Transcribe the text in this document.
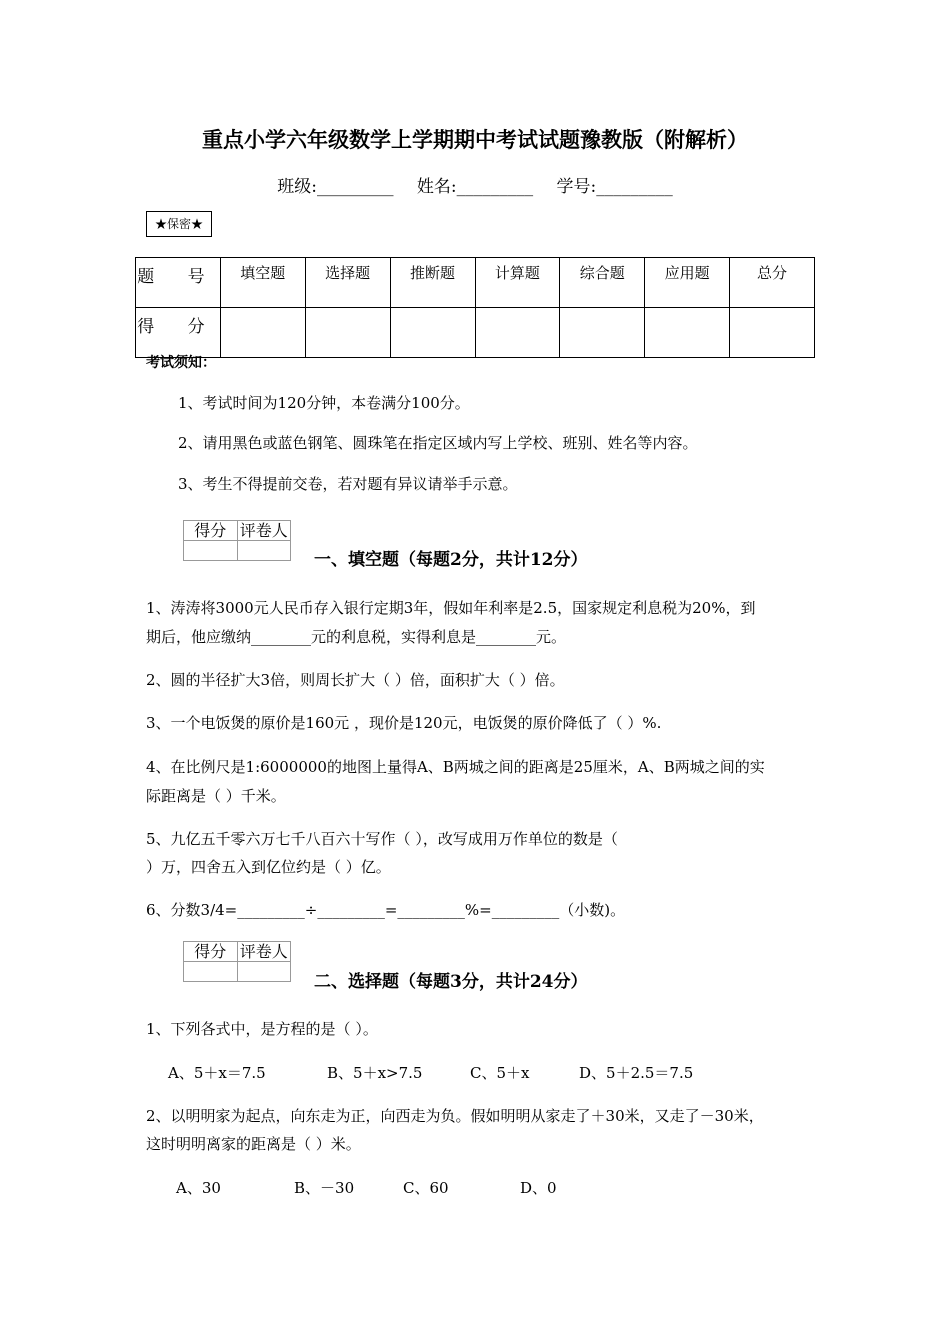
重点小学六年级数学上学期期中考试试题豫教版（附解析）
班级:_________ 姓名:_________ 学号:_________
★保密★
题 号	填空题	选择题	推断题	计算题	综合题	应用题	总分
得 分							
考试须知：
1、考试时间为120分钟，本卷满分100分。
2、请用黑色或蓝色钢笔、圆珠笔在指定区域内写上学校、班别、姓名等内容。
3、考生不得提前交卷，若对题有异议请举手示意。
得分	评卷人

一、填空题（每题2分，共计12分）
1、涛涛将3000元人民币存入银行定期3年，假如年利率是2.5，国家规定利息税为20%，到
期后，他应缴纳________元的利息税，实得利息是________元。
2、圆的半径扩大3倍，则周长扩大（ ）倍，面积扩大（ ）倍。
3、一个电饭煲的原价是160元 ，现价是120元，电饭煲的原价降低了（ ）%.
4、在比例尺是1:6000000的地图上量得A、B两城之间的距离是25厘米，A、B两城之间的实
际距离是（ ）千米。
5、九亿五千零六万七千八百六十写作（ ），改写成用万作单位的数是（
）万，四舍五入到亿位约是（ ）亿。
6、分数3/4=_________÷_________=_________%=_________（小数)。
得分	评卷人

二、选择题（每题3分，共计24分）
1、下列各式中，是方程的是（ ）。
A、5＋x＝7.5	B、5＋x>7.5	C、5＋x	D、5＋2.5＝7.5
2、以明明家为起点，向东走为正，向西走为负。假如明明从家走了＋30米，又走了－30米，
这时明明离家的距离是（ ）米。
A、30	B、－30	C、60	D、0
